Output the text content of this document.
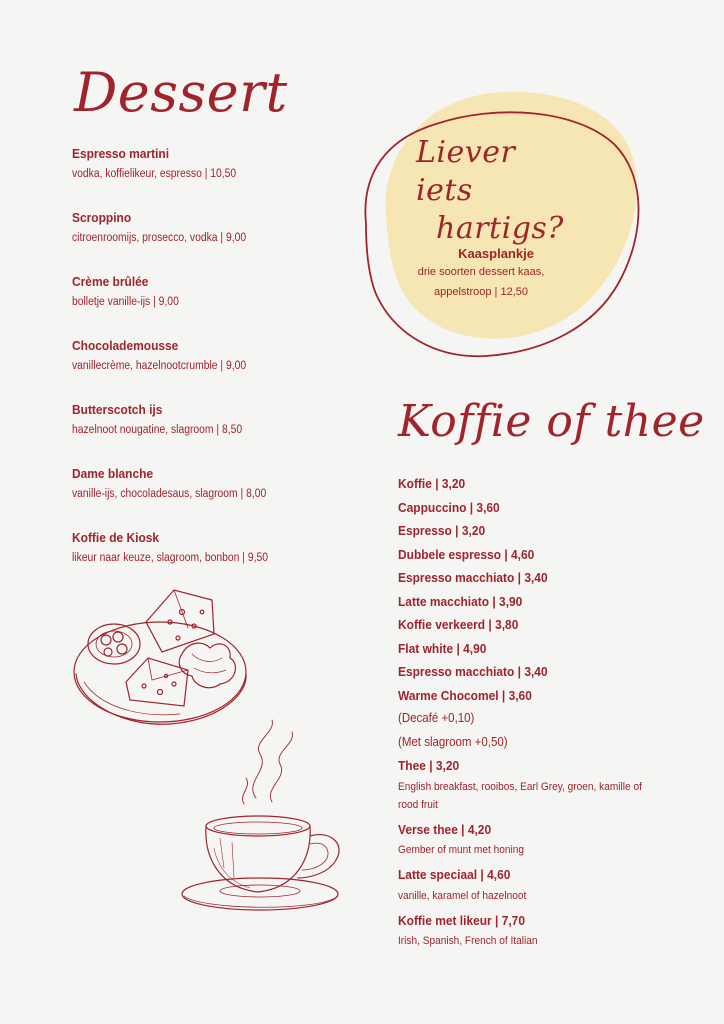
Dessert
Espresso martini
vodka, koffielikeur, espresso | 10,50
Scroppino
citroenroomijs, prosecco, vodka | 9,00
Crème brûlée
bolletje vanille-ijs | 9,00
Chocolademousse
vanillecrème, hazelnootcrumble | 9,00
Butterscotch ijs
hazelnoot nougatine, slagroom | 8,50
Dame blanche
vanille-ijs, chocoladesaus, slagroom | 8,00
Koffie de Kiosk
likeur naar keuze, slagroom, bonbon | 9,50
Liever iets
hartigs?
Kaasplankje
drie soorten dessert kaas,
appelstroop | 12,50
Koffie of thee
Koffie | 3,20
Cappuccino | 3,60
Espresso | 3,20
Dubbele espresso | 4,60
Espresso macchiato | 3,40
Latte macchiato | 3,90
Koffie verkeerd | 3,80
Flat white | 4,90
Espresso macchiato | 3,40
Warme Chocomel | 3,60
(Decafé +0,10)
(Met slagroom +0,50)
Thee | 3,20
English breakfast, rooibos, Earl Grey, groen, kamille of rood fruit
Verse thee | 4,20
Gember of munt met honing
Latte speciaal | 4,60
vanille, karamel of hazelnoot
Koffie met likeur | 7,70
Irish, Spanish, French of Italian
